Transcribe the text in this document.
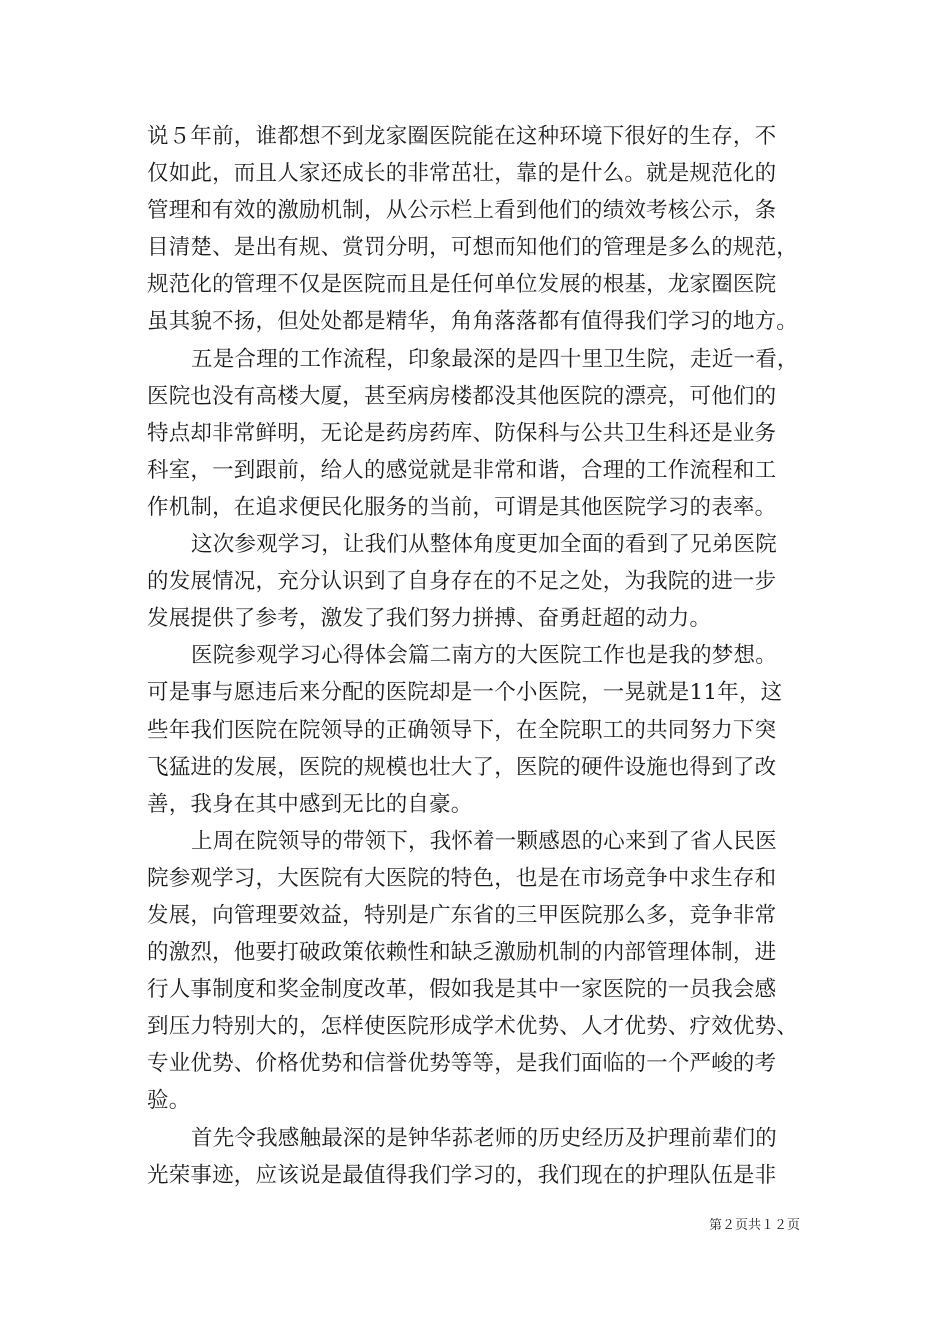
说５年前，谁都想不到龙家圈医院能在这种环境下很好的生存，不
仅如此，而且人家还成长的非常茁壮，靠的是什么。就是规范化的
管理和有效的激励机制，从公示栏上看到他们的绩效考核公示，条
目清楚、是出有规、赏罚分明，可想而知他们的管理是多么的规范，
规范化的管理不仅是医院而且是任何单位发展的根基，龙家圈医院
虽其貌不扬，但处处都是精华，角角落落都有值得我们学习的地方。
五是合理的工作流程，印象最深的是四十里卫生院，走近一看，
医院也没有高楼大厦，甚至病房楼都没其他医院的漂亮，可他们的
特点却非常鲜明，无论是药房药库、防保科与公共卫生科还是业务
科室，一到跟前，给人的感觉就是非常和谐，合理的工作流程和工
作机制，在追求便民化服务的当前，可谓是其他医院学习的表率。
这次参观学习，让我们从整体角度更加全面的看到了兄弟医院
的发展情况，充分认识到了自身存在的不足之处，为我院的进一步
发展提供了参考，激发了我们努力拼搏、奋勇赶超的动力。
医院参观学习心得体会篇二南方的大医院工作也是我的梦想。
可是事与愿违后来分配的医院却是一个小医院，一晃就是11年，这
些年我们医院在院领导的正确领导下，在全院职工的共同努力下突
飞猛进的发展，医院的规模也壮大了，医院的硬件设施也得到了改
善，我身在其中感到无比的自豪。
上周在院领导的带领下，我怀着一颗感恩的心来到了省人民医
院参观学习，大医院有大医院的特色，也是在市场竞争中求生存和
发展，向管理要效益，特别是广东省的三甲医院那么多，竞争非常
的激烈，他要打破政策依赖性和缺乏激励机制的内部管理体制，进
行人事制度和奖金制度改革，假如我是其中一家医院的一员我会感
到压力特别大的，怎样使医院形成学术优势、人才优势、疗效优势、
专业优势、价格优势和信誉优势等等，是我们面临的一个严峻的考
验。
首先令我感触最深的是钟华荪老师的历史经历及护理前辈们的
光荣事迹，应该说是最值得我们学习的，我们现在的护理队伍是非
第２页共１２页
